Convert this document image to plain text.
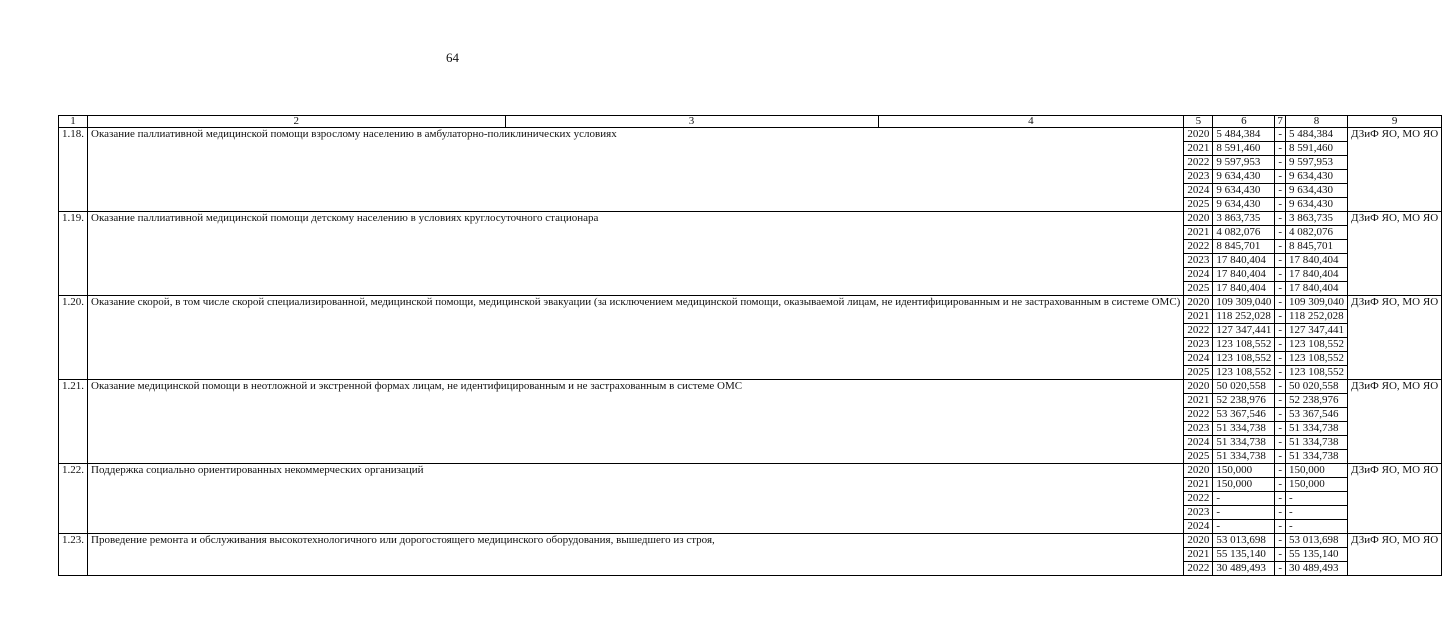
64
1	2	3	4	5	6	7	8	9
1.18.	Оказание паллиативной медицинской помощи взрослому населению в амбулаторно-поликлинических условиях			2020	5 484,384	-	5 484,384	ДЗиФ ЯО, МО ЯО
				2021	8 591,460	-	8 591,460	
				2022	9 597,953	-	9 597,953	
				2023	9 634,430	-	9 634,430	
				2024	9 634,430	-	9 634,430	
				2025	9 634,430	-	9 634,430	
1.19.	Оказание паллиативной медицинской помощи детскому населению в условиях круглосуточного стационара			2020	3 863,735	-	3 863,735	ДЗиФ ЯО, МО ЯО
				2021	4 082,076	-	4 082,076	
				2022	8 845,701	-	8 845,701	
				2023	17 840,404	-	17 840,404	
				2024	17 840,404	-	17 840,404	
				2025	17 840,404	-	17 840,404	
1.20.	Оказание скорой, в том числе скорой специализированной, медицинской помощи, медицинской эвакуации (за исключением медицинской помощи, оказываемой лицам, не идентифицированным и не застрахованным в системе ОМС)			2020	109 309,040	-	109 309,040	ДЗиФ ЯО, МО ЯО
				2021	118 252,028	-	118 252,028	
				2022	127 347,441	-	127 347,441	
				2023	123 108,552	-	123 108,552	
				2024	123 108,552	-	123 108,552	
				2025	123 108,552	-	123 108,552	
1.21.	Оказание медицинской помощи в неотложной и экстренной формах лицам, не идентифицированным и не застрахованным в системе ОМС			2020	50 020,558	-	50 020,558	ДЗиФ ЯО, МО ЯО
				2021	52 238,976	-	52 238,976	
				2022	53 367,546	-	53 367,546	
				2023	51 334,738	-	51 334,738	
				2024	51 334,738	-	51 334,738	
				2025	51 334,738	-	51 334,738	
1.22.	Поддержка социально ориентированных некоммерческих организаций			2020	150,000	-	150,000	ДЗиФ ЯО, МО ЯО
				2021	150,000	-	150,000	
				2022	-	-	-	
				2023	-	-	-	
				2024	-	-	-	
1.23.	Проведение ремонта и обслуживания высокотехнологичного или дорогостоящего медицинского оборудования, вышедшего из строя,			2020	53 013,698	-	53 013,698	ДЗиФ ЯО, МО ЯО
				2021	55 135,140	-	55 135,140	
				2022	30 489,493	-	30 489,493	
